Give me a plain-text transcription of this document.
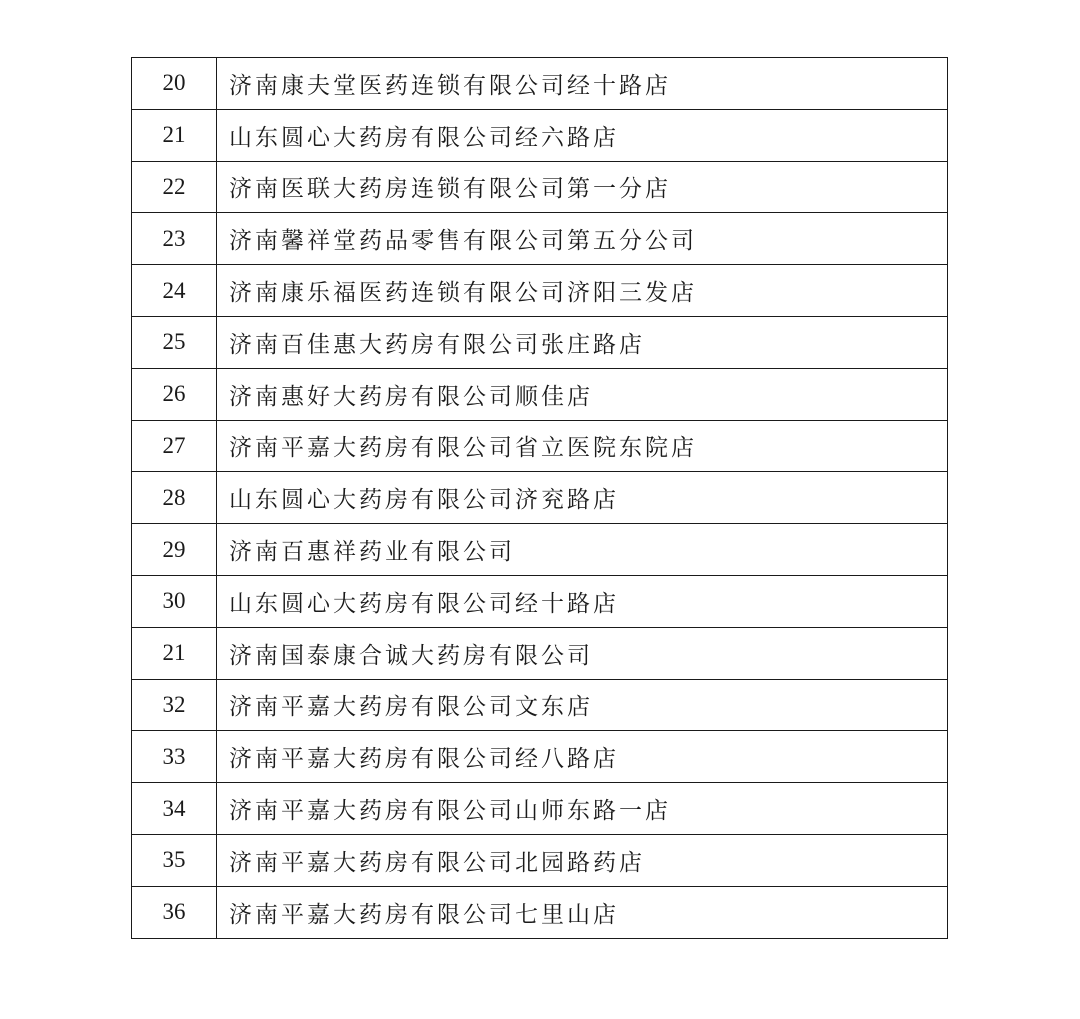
20	济南康夫堂医药连锁有限公司经十路店
21	山东圆心大药房有限公司经六路店
22	济南医联大药房连锁有限公司第一分店
23	济南馨祥堂药品零售有限公司第五分公司
24	济南康乐福医药连锁有限公司济阳三发店
25	济南百佳惠大药房有限公司张庄路店
26	济南惠好大药房有限公司顺佳店
27	济南平嘉大药房有限公司省立医院东院店
28	山东圆心大药房有限公司济兖路店
29	济南百惠祥药业有限公司
30	山东圆心大药房有限公司经十路店
21	济南国泰康合诚大药房有限公司
32	济南平嘉大药房有限公司文东店
33	济南平嘉大药房有限公司经八路店
34	济南平嘉大药房有限公司山师东路一店
35	济南平嘉大药房有限公司北园路药店
36	济南平嘉大药房有限公司七里山店
